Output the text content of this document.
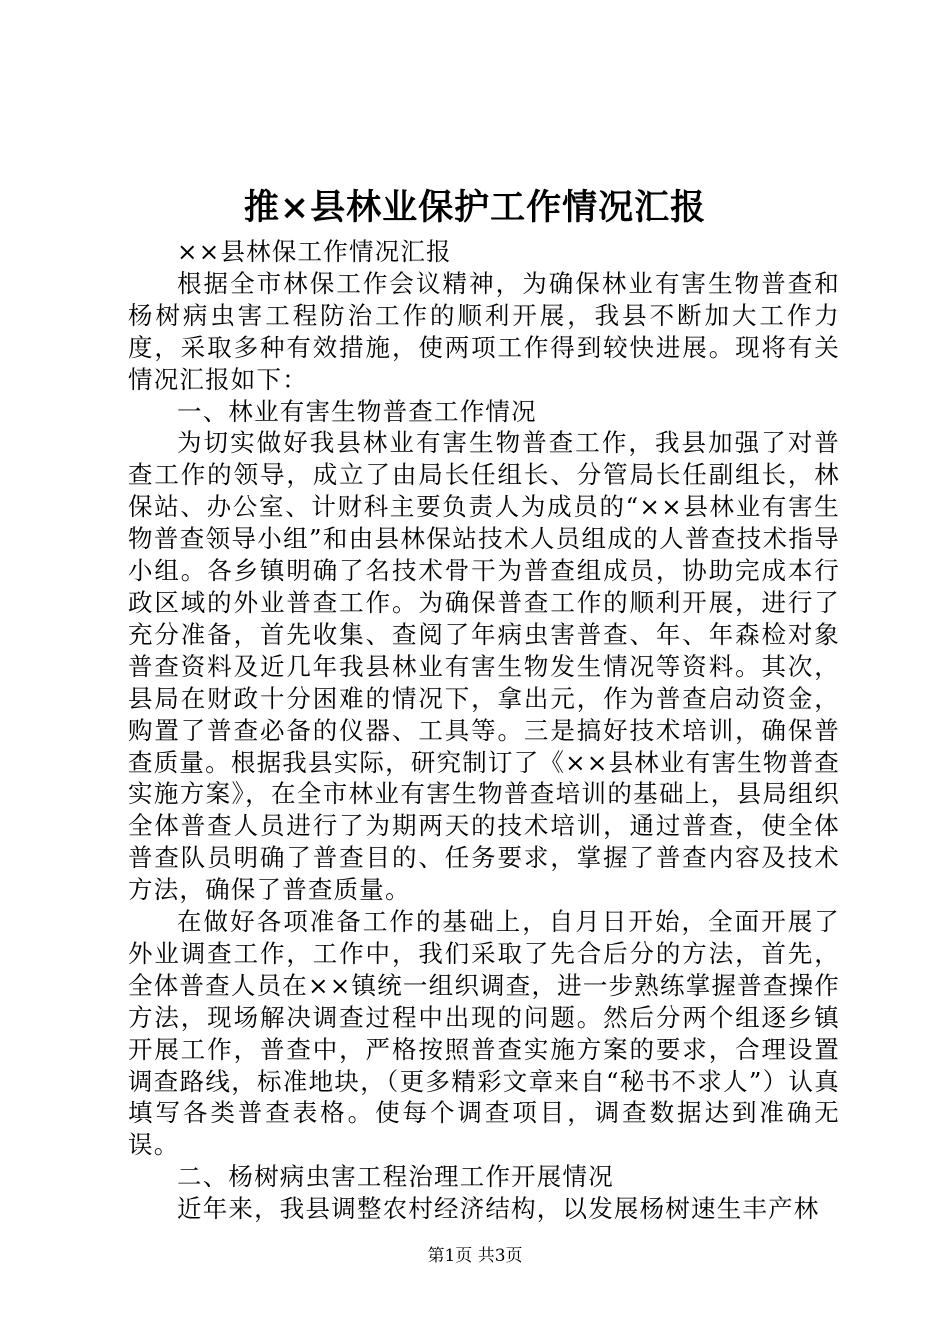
推×县林业保护工作情况汇报

××县林保工作情况汇报

根据全市林保工作会议精神，为确保林业有害生物普查和杨树病虫害工程防治工作的顺利开展，我县不断加大工作力度，采取多种有效措施，使两项工作得到较快进展。现将有关情况汇报如下：

一、林业有害生物普查工作情况

为切实做好我县林业有害生物普查工作，我县加强了对普查工作的领导，成立了由局长任组长、分管局长任副组长，林保站、办公室、计财科主要负责人为成员的“××县林业有害生物普查领导小组”和由县林保站技术人员组成的人普查技术指导小组。各乡镇明确了名技术骨干为普查组成员，协助完成本行政区域的外业普查工作。为确保普查工作的顺利开展，进行了充分准备，首先收集、查阅了年病虫害普查、年、年森检对象普查资料及近几年我县林业有害生物发生情况等资料。其次，县局在财政十分困难的情况下，拿出元，作为普查启动资金，购置了普查必备的仪器、工具等。三是搞好技术培训，确保普查质量。根据我县实际，研究制订了《××县林业有害生物普查实施方案》，在全市林业有害生物普查培训的基础上，县局组织全体普查人员进行了为期两天的技术培训，通过普查，使全体普查队员明确了普查目的、任务要求，掌握了普查内容及技术方法，确保了普查质量。

在做好各项准备工作的基础上，自月日开始，全面开展了外业调查工作，工作中，我们采取了先合后分的方法，首先，全体普查人员在××镇统一组织调查，进一步熟练掌握普查操作方法，现场解决调查过程中出现的问题。然后分两个组逐乡镇开展工作，普查中，严格按照普查实施方案的要求，合理设置调查路线，标准地块，（更多精彩文章来自“秘书不求人”）认真填写各类普查表格。使每个调查项目，调查数据达到准确无误。

二、杨树病虫害工程治理工作开展情况

近年来，我县调整农村经济结构，以发展杨树速生丰产林

第1页 共3页
